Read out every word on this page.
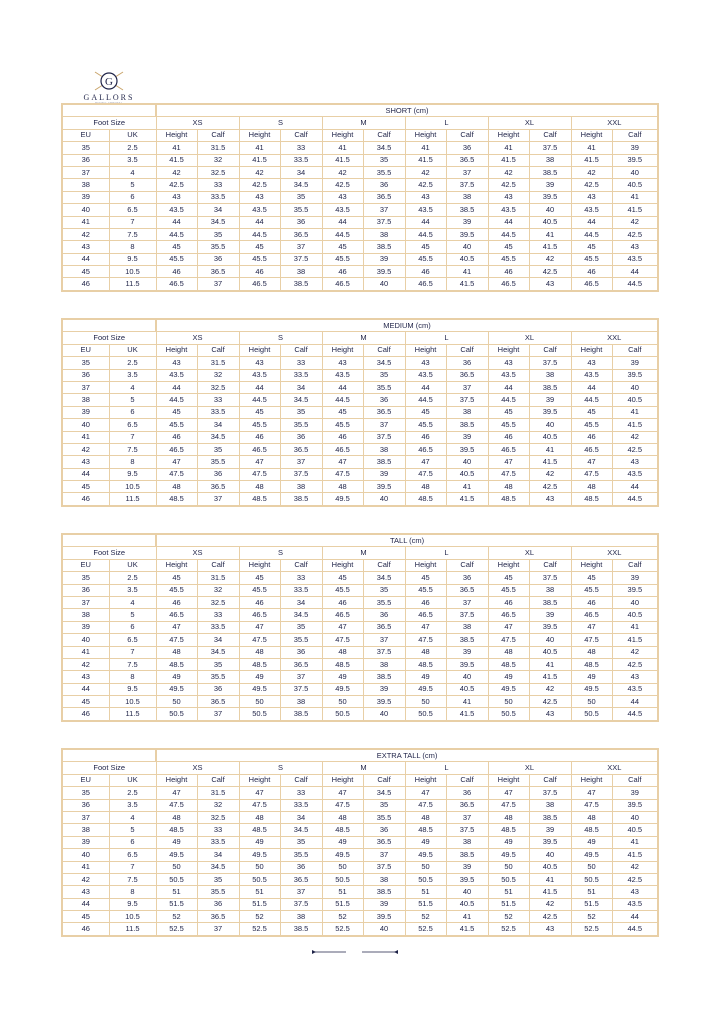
G
GALLORS
RIDING APPAREL
		SHORT (cm)											
Foot Size		XS		S		M		L		XL		XXL	
EU	UK	Height	Calf	Height	Calf	Height	Calf	Height	Calf	Height	Calf	Height	Calf
35	2.5	41	31.5	41	33	41	34.5	41	36	41	37.5	41	39
36	3.5	41.5	32	41.5	33.5	41.5	35	41.5	36.5	41.5	38	41.5	39.5
37	4	42	32.5	42	34	42	35.5	42	37	42	38.5	42	40
38	5	42.5	33	42.5	34.5	42.5	36	42.5	37.5	42.5	39	42.5	40.5
39	6	43	33.5	43	35	43	36.5	43	38	43	39.5	43	41
40	6.5	43.5	34	43.5	35.5	43.5	37	43.5	38.5	43.5	40	43.5	41.5
41	7	44	34.5	44	36	44	37.5	44	39	44	40.5	44	42
42	7.5	44.5	35	44.5	36.5	44.5	38	44.5	39.5	44.5	41	44.5	42.5
43	8	45	35.5	45	37	45	38.5	45	40	45	41.5	45	43
44	9.5	45.5	36	45.5	37.5	45.5	39	45.5	40.5	45.5	42	45.5	43.5
45	10.5	46	36.5	46	38	46	39.5	46	41	46	42.5	46	44
46	11.5	46.5	37	46.5	38.5	46.5	40	46.5	41.5	46.5	43	46.5	44.5
		MEDIUM (cm)											
Foot Size		XS		S		M		L		XL		XXL	
EU	UK	Height	Calf	Height	Calf	Height	Calf	Height	Calf	Height	Calf	Height	Calf
35	2.5	43	31.5	43	33	43	34.5	43	36	43	37.5	43	39
36	3.5	43.5	32	43.5	33.5	43.5	35	43.5	36.5	43.5	38	43.5	39.5
37	4	44	32.5	44	34	44	35.5	44	37	44	38.5	44	40
38	5	44.5	33	44.5	34.5	44.5	36	44.5	37.5	44.5	39	44.5	40.5
39	6	45	33.5	45	35	45	36.5	45	38	45	39.5	45	41
40	6.5	45.5	34	45.5	35.5	45.5	37	45.5	38.5	45.5	40	45.5	41.5
41	7	46	34.5	46	36	46	37.5	46	39	46	40.5	46	42
42	7.5	46.5	35	46.5	36.5	46.5	38	46.5	39.5	46.5	41	46.5	42.5
43	8	47	35.5	47	37	47	38.5	47	40	47	41.5	47	43
44	9.5	47.5	36	47.5	37.5	47.5	39	47.5	40.5	47.5	42	47.5	43.5
45	10.5	48	36.5	48	38	48	39.5	48	41	48	42.5	48	44
46	11.5	48.5	37	48.5	38.5	49.5	40	48.5	41.5	48.5	43	48.5	44.5
		TALL (cm)											
Foot Size		XS		S		M		L		XL		XXL	
EU	UK	Height	Calf	Height	Calf	Height	Calf	Height	Calf	Height	Calf	Height	Calf
35	2.5	45	31.5	45	33	45	34.5	45	36	45	37.5	45	39
36	3.5	45.5	32	45.5	33.5	45.5	35	45.5	36.5	45.5	38	45.5	39.5
37	4	46	32.5	46	34	46	35.5	46	37	46	38.5	46	40
38	5	46.5	33	46.5	34.5	46.5	36	46.5	37.5	46.5	39	46.5	40.5
39	6	47	33.5	47	35	47	36.5	47	38	47	39.5	47	41
40	6.5	47.5	34	47.5	35.5	47.5	37	47.5	38.5	47.5	40	47.5	41.5
41	7	48	34.5	48	36	48	37.5	48	39	48	40.5	48	42
42	7.5	48.5	35	48.5	36.5	48.5	38	48.5	39.5	48.5	41	48.5	42.5
43	8	49	35.5	49	37	49	38.5	49	40	49	41.5	49	43
44	9.5	49.5	36	49.5	37.5	49.5	39	49.5	40.5	49.5	42	49.5	43.5
45	10.5	50	36.5	50	38	50	39.5	50	41	50	42.5	50	44
46	11.5	50.5	37	50.5	38.5	50.5	40	50.5	41.5	50.5	43	50.5	44.5
		EXTRA TALL (cm)											
Foot Size		XS		S		M		L		XL		XXL	
EU	UK	Height	Calf	Height	Calf	Height	Calf	Height	Calf	Height	Calf	Height	Calf
35	2.5	47	31.5	47	33	47	34.5	47	36	47	37.5	47	39
36	3.5	47.5	32	47.5	33.5	47.5	35	47.5	36.5	47.5	38	47.5	39.5
37	4	48	32.5	48	34	48	35.5	48	37	48	38.5	48	40
38	5	48.5	33	48.5	34.5	48.5	36	48.5	37.5	48.5	39	48.5	40.5
39	6	49	33.5	49	35	49	36.5	49	38	49	39.5	49	41
40	6.5	49.5	34	49.5	35.5	49.5	37	49.5	38.5	49.5	40	49.5	41.5
41	7	50	34.5	50	36	50	37.5	50	39	50	40.5	50	42
42	7.5	50.5	35	50.5	36.5	50.5	38	50.5	39.5	50.5	41	50.5	42.5
43	8	51	35.5	51	37	51	38.5	51	40	51	41.5	51	43
44	9.5	51.5	36	51.5	37.5	51.5	39	51.5	40.5	51.5	42	51.5	43.5
45	10.5	52	36.5	52	38	52	39.5	52	41	52	42.5	52	44
46	11.5	52.5	37	52.5	38.5	52.5	40	52.5	41.5	52.5	43	52.5	44.5
